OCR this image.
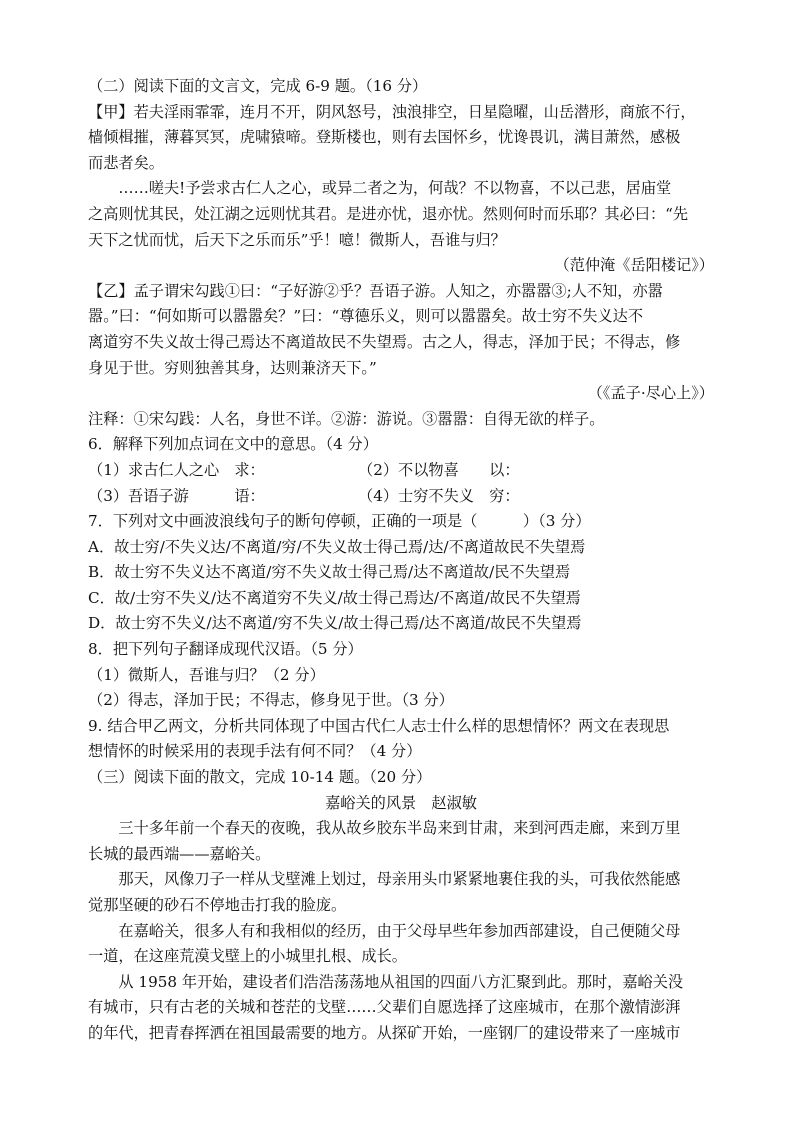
（二）阅读下面的文言文，完成 6-9 题。（16 分）
【甲】若夫淫雨霏霏，连月不开，阴风怒号，浊浪排空，日星隐曜，山岳潜形，商旅不行，
樯倾楫摧，薄暮冥冥，虎啸猿啼。登斯楼也，则有去国怀乡，忧谗畏讥，满目萧然，感极
而悲者矣。
……嗟夫!予尝求古仁人之心，或异二者之为，何哉？不以物喜，不以己悲，居庙堂
之高则忧其民，处江湖之远则忧其君。是进亦忧，退亦忧。然则何时而乐耶？其必曰：“先
天下之忧而忧，后天下之乐而乐”乎！噫！微斯人，吾谁与归？
（范仲淹《岳阳楼记》）
【乙】孟子谓宋勾践①曰：“子好游②乎？吾语子游。人知之，亦嚣嚣③;人不知，亦嚣
嚣。”曰：“何如斯可以嚣嚣矣？”曰：“尊德乐义，则可以嚣嚣矣。故士穷不失义达不
离道穷不失义故士得己焉达不离道故民不失望焉。古之人，得志，泽加于民；不得志，修
身见于世。穷则独善其身，达则兼济天下。”
（《孟子·尽心上》）
注释：①宋勾践：人名，身世不详。②游：游说。③嚣嚣：自得无欲的样子。
6．解释下列加点词在文中的意思。（4 分）
（1）求古仁人之心　求：	（2）不以物喜　　以：
（3）吾语子游　　　语：	（4）士穷不失义　穷：
7．下列对文中画波浪线句子的断句停顿，正确的一项是（　　　）（3 分）
A．故士穷/不失义达/不离道/穷/不失义故士得己焉/达/不离道故民不失望焉
B．故士穷不失义达不离道/穷不失义故士得己焉/达不离道故/民不失望焉
C．故/士穷不失义/达不离道穷不失义/故士得己焉达/不离道/故民不失望焉
D．故士穷不失义/达不离道/穷不失义/故士得己焉/达不离道/故民不失望焉
8．把下列句子翻译成现代汉语。（5 分）
（1）微斯人，吾谁与归？（2 分）
（2）得志，泽加于民；不得志，修身见于世。（3 分）
9. 结合甲乙两文，分析共同体现了中国古代仁人志士什么样的思想情怀？两文在表现思
想情怀的时候采用的表现手法有何不同？（4 分）
（三）阅读下面的散文，完成 10-14 题。（20 分）
嘉峪关的风景　赵淑敏
三十多年前一个春天的夜晚，我从故乡胶东半岛来到甘肃，来到河西走廊，来到万里
长城的最西端——嘉峪关。
那天，风像刀子一样从戈壁滩上划过，母亲用头巾紧紧地裹住我的头，可我依然能感
觉那坚硬的砂石不停地击打我的脸庞。
在嘉峪关，很多人有和我相似的经历，由于父母早些年参加西部建设，自己便随父母
一道，在这座荒漠戈壁上的小城里扎根、成长。
从 1958 年开始，建设者们浩浩荡荡地从祖国的四面八方汇聚到此。那时，嘉峪关没
有城市，只有古老的关城和苍茫的戈壁……父辈们自愿选择了这座城市，在那个激情澎湃
的年代，把青春挥洒在祖国最需要的地方。从探矿开始，一座钢厂的建设带来了一座城市
